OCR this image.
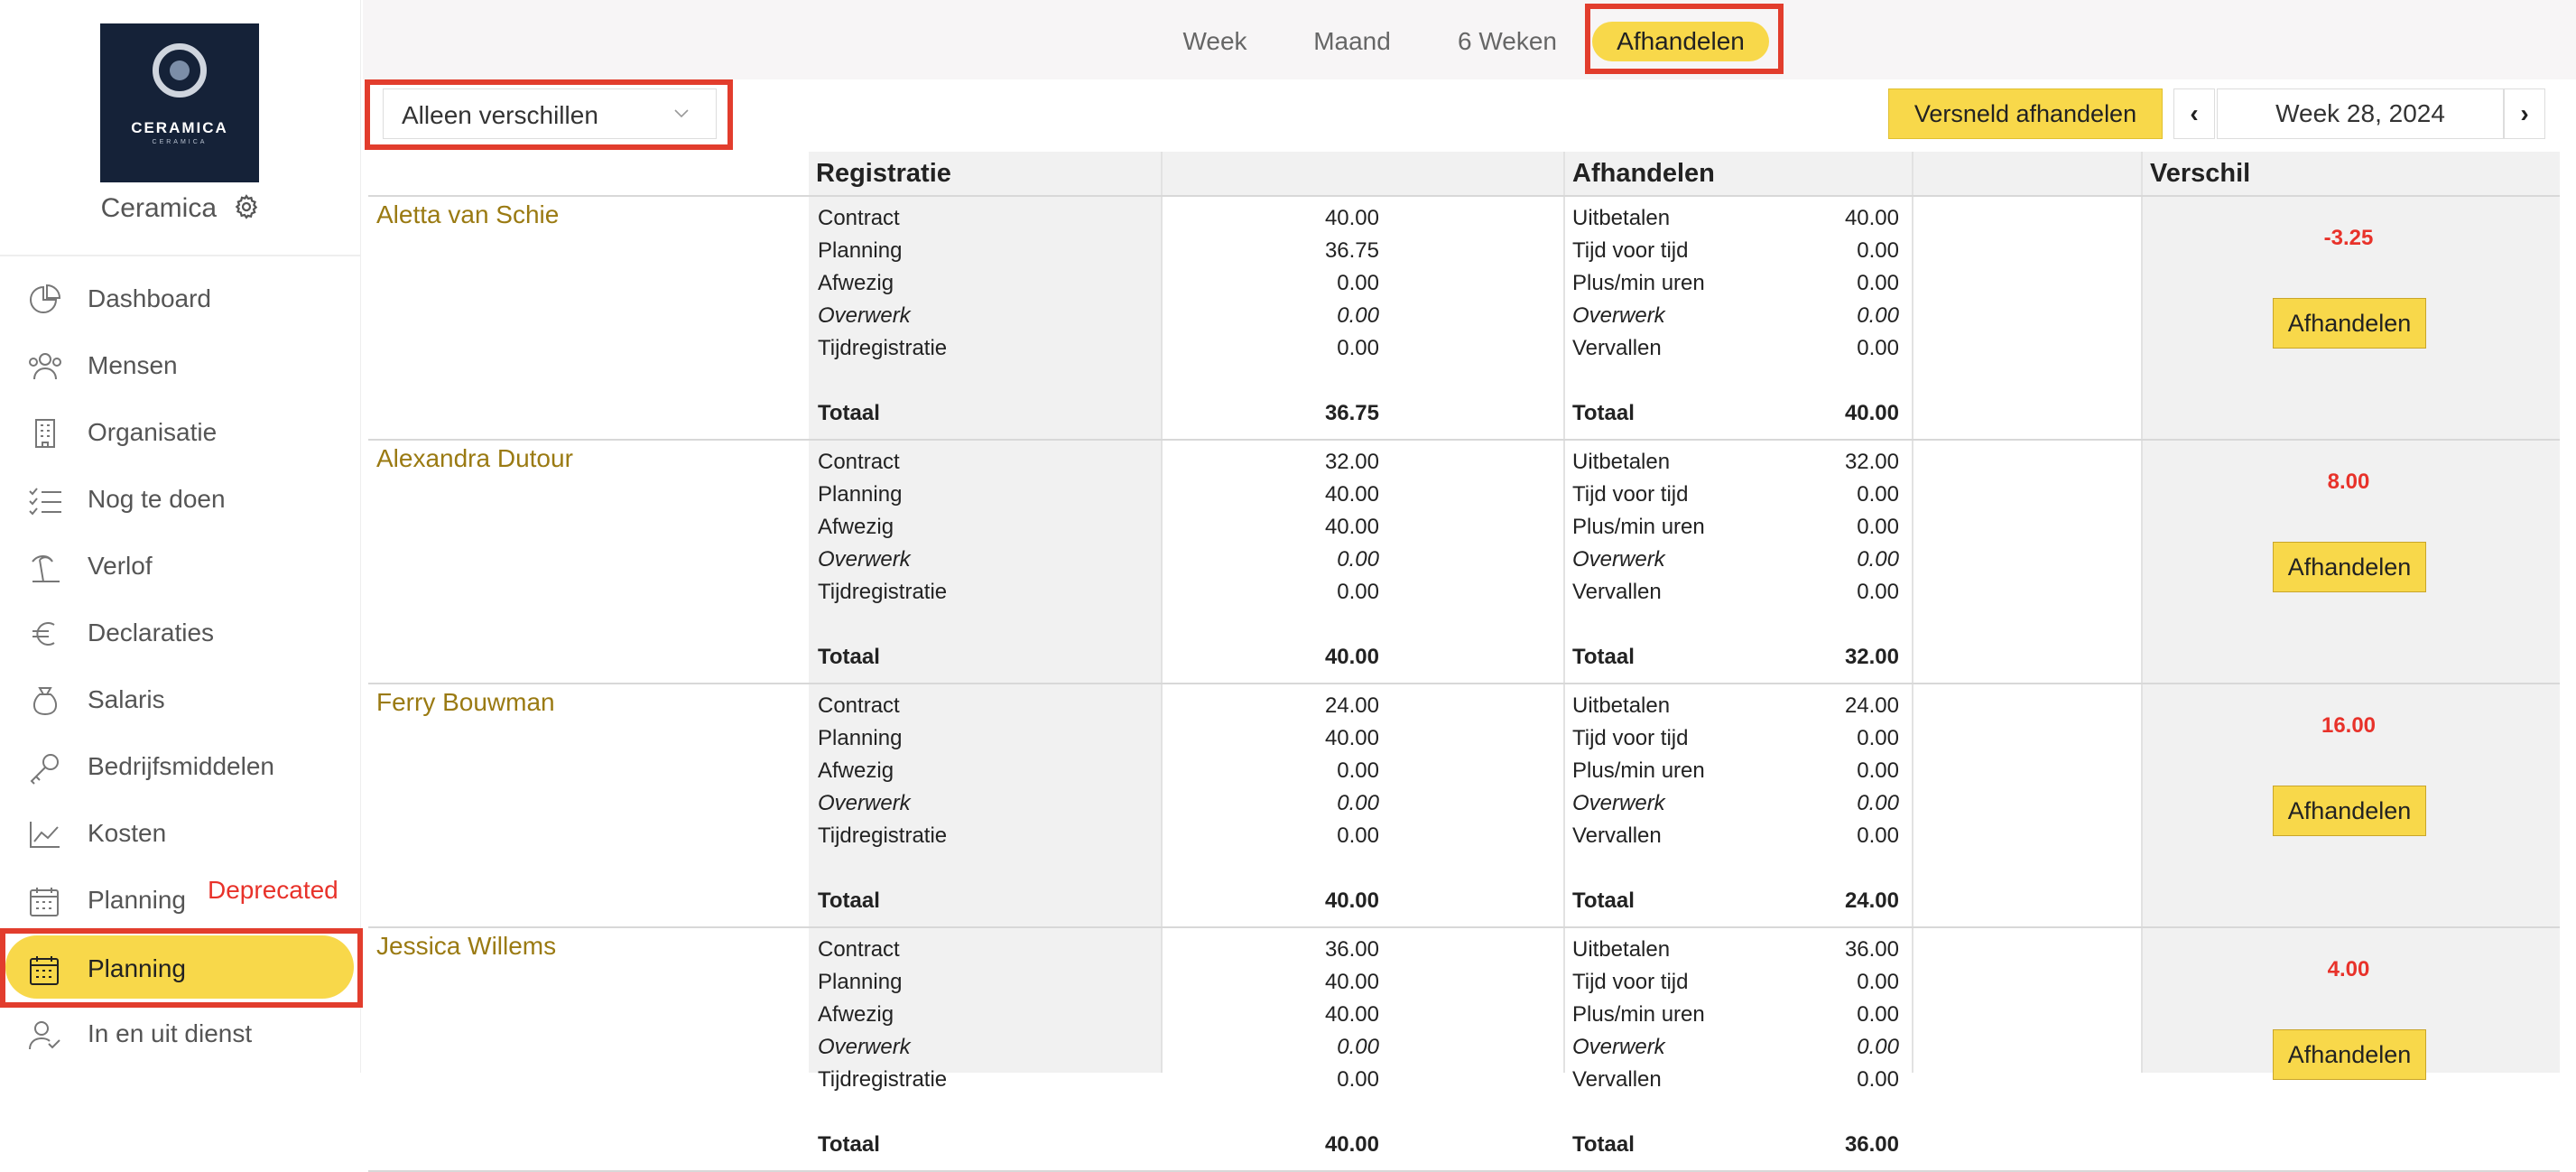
CERAMICA
CERAMICA
Ceramica
Dashboard
Mensen
Organisatie
Nog te doen
Verlof
Declaraties
Salaris
Bedrijfsmiddelen
Kosten
Planning
Planning
In en uit dienst
Deprecated
Week	Maand	6 Weken	Afhandelen
Alleen verschillen	Versneld afhandelen	‹	Week 28, 2024	›
Registratie	Afhandelen	Verschil
Aletta van Schie	Contract	40.00	Uitbetalen	40.00
Planning	36.75	Tijd voor tijd	0.00
Afwezig	0.00	Plus/min uren	0.00
Overwerk	0.00	Overwerk	0.00
Tijdregistratie	0.00	Vervallen	0.00
Totaal	36.75	Totaal	40.00
-3.25
Afhandelen
Alexandra Dutour	Contract	32.00	Uitbetalen	32.00
Planning	40.00	Tijd voor tijd	0.00
Afwezig	40.00	Plus/min uren	0.00
Overwerk	0.00	Overwerk	0.00
Tijdregistratie	0.00	Vervallen	0.00
Totaal	40.00	Totaal	32.00
8.00
Afhandelen
Ferry Bouwman	Contract	24.00	Uitbetalen	24.00
Planning	40.00	Tijd voor tijd	0.00
Afwezig	0.00	Plus/min uren	0.00
Overwerk	0.00	Overwerk	0.00
Tijdregistratie	0.00	Vervallen	0.00
Totaal	40.00	Totaal	24.00
16.00
Afhandelen
Jessica Willems	Contract	36.00	Uitbetalen	36.00
Planning	40.00	Tijd voor tijd	0.00
Afwezig	40.00	Plus/min uren	0.00
Overwerk	0.00	Overwerk	0.00
Tijdregistratie	0.00	Vervallen	0.00
Totaal	40.00	Totaal	36.00
4.00
Afhandelen
